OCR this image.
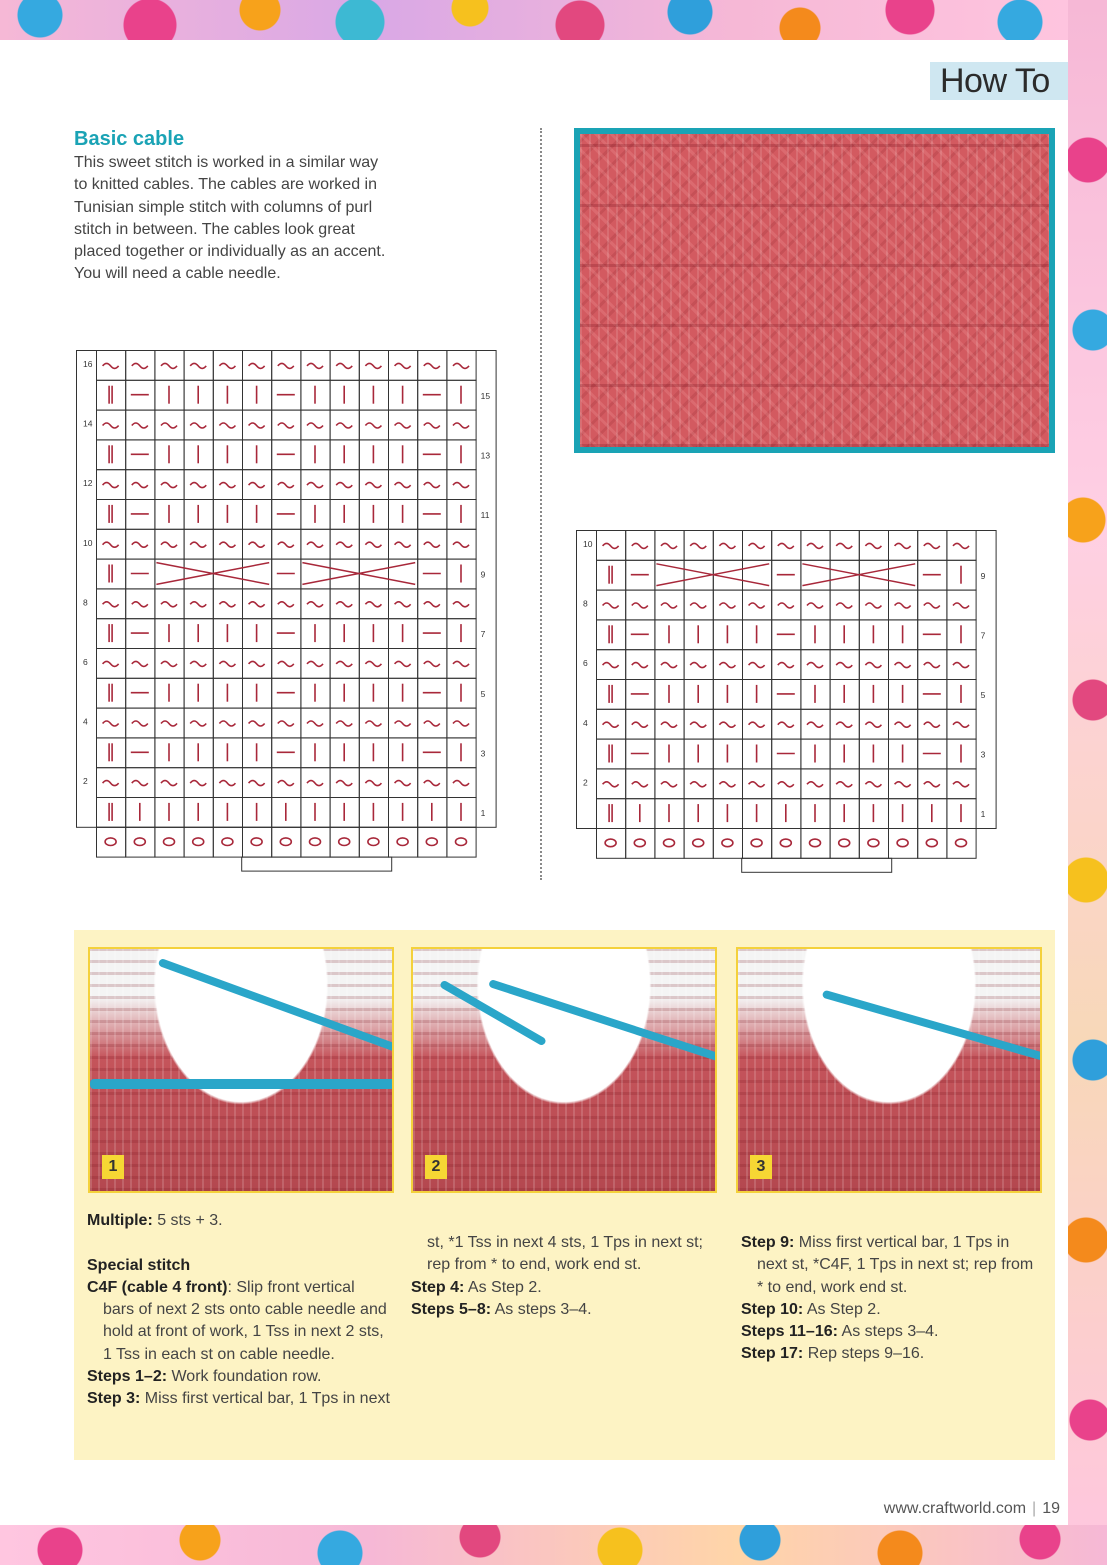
How To
Basic cable
This sweet stitch is worked in a similar way
to knitted cables. The cables are worked in
Tunisian simple stitch with columns of purl
stitch in between. The cables look great
placed together or individually as an accent.
You will need a cable needle.
16
14
12
10
8
6
4
2
15
13
11
9
7
5
3
1
10
8
6
4
2
9
7
5
3
1
1	2	3
Multiple: 5 sts + 3.

Special stitch
C4F (cable 4 front): Slip front vertical
bars of next 2 sts onto cable needle and
hold at front of work, 1 Tss in next 2 sts,
1 Tss in each st on cable needle.
Steps 1–2: Work foundation row.
Step 3: Miss first vertical bar, 1 Tps in next
st, *1 Tss in next 4 sts, 1 Tps in next st;
rep from * to end, work end st.
Step 4: As Step 2.
Steps 5–8: As steps 3–4.
Step 9: Miss first vertical bar, 1 Tps in
next st, *C4F, 1 Tps in next st; rep from
* to end, work end st.
Step 10: As Step 2.
Steps 11–16: As steps 3–4.
Step 17: Rep steps 9–16.
www.craftworld.com | 19
